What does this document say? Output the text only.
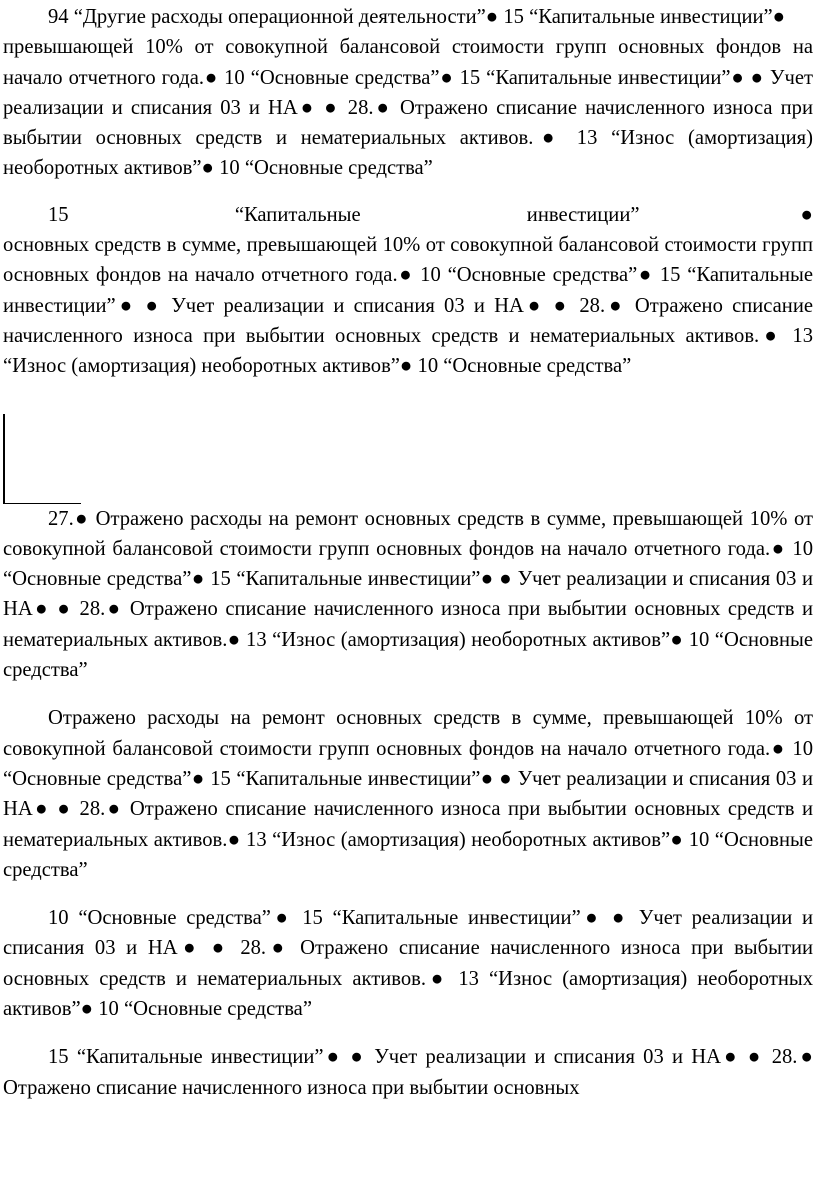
94 “Другие расходы операционной деятельности”● 15 “Капитальные инвестиции”●

превышающей 10% от совокупной балансовой стоимости групп основных фондов на начало отчетного года.● 10 “Основные средства”● 15 “Капитальные инвестиции”● ● Учет реализации и списания 03 и НА● ● 28.● Отражено списание начисленного износа при выбытии основных средств и нематериальных активов.● 13 “Износ (амортизация) необоротных активов”● 10 “Основные средства”

15 “Капитальные инвестиции”●

основных средств в сумме, превышающей 10% от совокупной балансовой стоимости групп основных фондов на начало отчетного года.● 10 “Основные средства”● 15 “Капитальные инвестиции”● ● Учет реализации и списания 03 и НА● ● 28.● Отражено списание начисленного износа при выбытии основных средств и нематериальных активов.● 13 “Износ (амортизация) необоротных активов”● 10 “Основные средства”

27.● Отражено расходы на ремонт основных средств в сумме, превышающей 10% от совокупной балансовой стоимости групп основных фондов на начало отчетного года.● 10 “Основные средства”● 15 “Капитальные инвестиции”● ● Учет реализации и списания 03 и НА● ● 28.● Отражено списание начисленного износа при выбытии основных средств и нематериальных активов.● 13 “Износ (амортизация) необоротных активов”● 10 “Основные средства”

Отражено расходы на ремонт основных средств в сумме, превышающей 10% от совокупной балансовой стоимости групп основных фондов на начало отчетного года.● 10 “Основные средства”● 15 “Капитальные инвестиции”● ● Учет реализации и списания 03 и НА● ● 28.● Отражено списание начисленного износа при выбытии основных средств и нематериальных активов.● 13 “Износ (амортизация) необоротных активов”● 10 “Основные средства”

10 “Основные средства”● 15 “Капитальные инвестиции”● ● Учет реализации и списания 03 и НА● ● 28.● Отражено списание начисленного износа при выбытии основных средств и нематериальных активов.● 13 “Износ (амортизация) необоротных активов”● 10 “Основные средства”

15 “Капитальные инвестиции”● ● Учет реализации и списания 03 и НА● ● 28.● Отражено списание начисленного износа при выбытии основных
